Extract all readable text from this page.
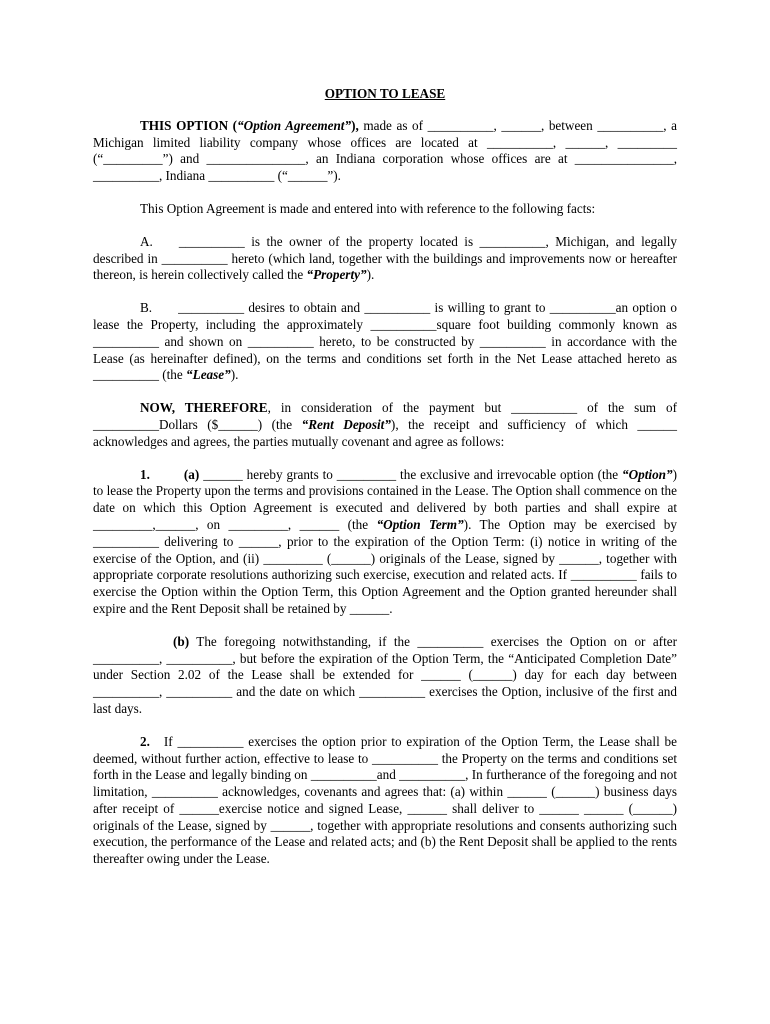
OPTION TO LEASE

THIS OPTION (“Option Agreement”), made as of __________, ______, between __________, a Michigan limited liability company whose offices are located at __________, ______, _________ (“_________”) and _______________, an Indiana corporation whose offices are at _______________, __________, Indiana __________ (“______”).

This Option Agreement is made and entered into with reference to the following facts:

A. __________ is the owner of the property located is __________, Michigan, and legally described in __________ hereto (which land, together with the buildings and improvements now or hereafter thereon, is herein collectively called the “Property”).

B. __________ desires to obtain and __________ is willing to grant to __________an option o lease the Property, including the approximately __________square foot building commonly known as __________ and shown on __________ hereto, to be constructed by __________ in accordance with the Lease (as hereinafter defined), on the terms and conditions set forth in the Net Lease attached hereto as __________ (the “Lease”).

NOW, THEREFORE, in consideration of the payment but __________ of the sum of __________Dollars ($______) (the “Rent Deposit”), the receipt and sufficiency of which ______ acknowledges and agrees, the parties mutually covenant and agree as follows:

1.	(a) ______ hereby grants to _________ the exclusive and irrevocable option (the “Option”) to lease the Property upon the terms and provisions contained in the Lease. The Option shall commence on the date on which this Option Agreement is executed and delivered by both parties and shall expire at _________,______, on _________, ______ (the “Option Term”). The Option may be exercised by __________ delivering to ______, prior to the expiration of the Option Term: (i) notice in writing of the exercise of the Option, and (ii) _________ (______) originals of the Lease, signed by ______, together with appropriate corporate resolutions authorizing such exercise, execution and related acts. If __________ fails to exercise the Option within the Option Term, this Option Agreement and the Option granted hereunder shall expire and the Rent Deposit shall be retained by ______.

(b) The foregoing notwithstanding, if the __________ exercises the Option on or after __________, __________, but before the expiration of the Option Term, the “Anticipated Completion Date” under Section 2.02 of the Lease shall be extended for ______ (______) day for each day between __________, __________ and the date on which __________ exercises the Option, inclusive of the first and last days.

2. If __________ exercises the option prior to expiration of the Option Term, the Lease shall be deemed, without further action, effective to lease to __________ the Property on the terms and conditions set forth in the Lease and legally binding on __________and __________, In furtherance of the foregoing and not limitation, __________ acknowledges, covenants and agrees that: (a) within ______ (______) business days after receipt of ______exercise notice and signed Lease, ______ shall deliver to ______ ______ (______) originals of the Lease, signed by ______, together with appropriate resolutions and consents authorizing such execution, the performance of the Lease and related acts; and (b) the Rent Deposit shall be applied to the rents thereafter owing under the Lease.
